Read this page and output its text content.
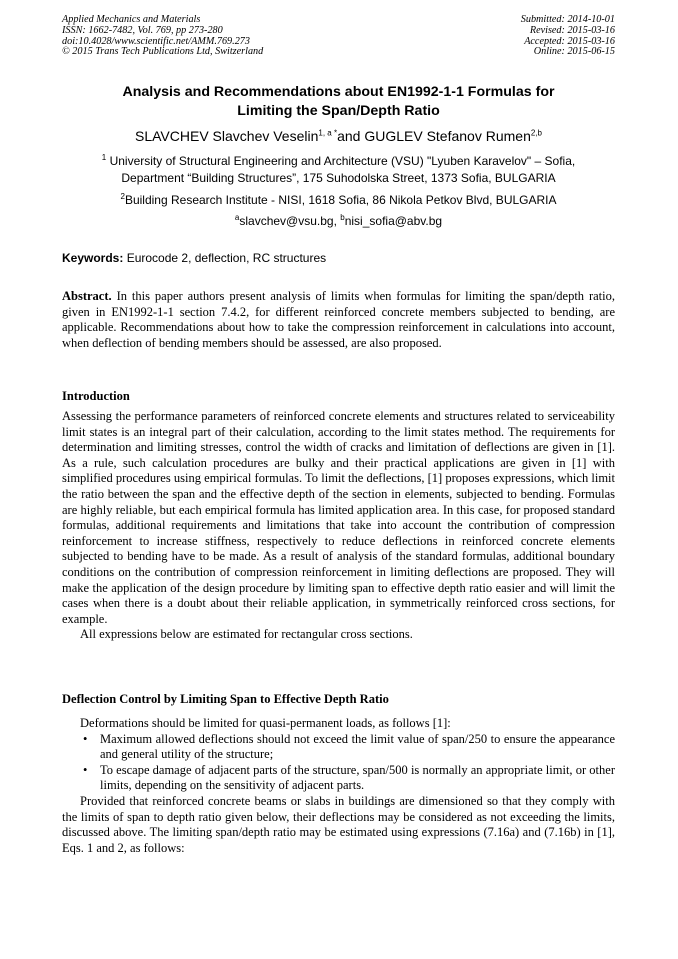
Applied Mechanics and Materials
ISSN: 1662-7482, Vol. 769, pp 273-280
doi:10.4028/www.scientific.net/AMM.769.273
© 2015 Trans Tech Publications Ltd, Switzerland
Submitted: 2014-10-01
Revised: 2015-03-16
Accepted: 2015-03-16
Online: 2015-06-15
Analysis and Recommendations about EN1992-1-1 Formulas for
Limiting the Span/Depth Ratio
SLAVCHEV Slavchev Veselin$^{1, a *}$and GUGLEV Stefanov Rumen$^{2,b}$
$^1$ University of Structural Engineering and Architecture (VSU) "Lyuben Karavelov" – Sofia,
Department “Building Structures”, 175 Suhodolska Street, 1373 Sofia, BULGARIA
$^2$Building Research Institute - NISI, 1618 Sofia, 86 Nikola Petkov Blvd, BULGARIA
$^a$slavchev@vsu.bg, $^b$nisi_sofia@abv.bg
Keywords: Eurocode 2, deflection, RC structures
Abstract. In this paper authors present analysis of limits when formulas for limiting the span/depth ratio, given in EN1992-1-1 section 7.4.2, for different reinforced concrete members subjected to bending, are applicable. Recommendations about how to take the compression reinforcement in calculations into account, when deflection of bending members should be assessed, are also proposed.
Introduction

Assessing the performance parameters of reinforced concrete elements and structures related to serviceability limit states is an integral part of their calculation, according to the limit states method. The requirements for determination and limiting stresses, control the width of cracks and limitation of deflections are given in [1]. As a rule, such calculation procedures are bulky and their practical applications are given in [1] with simplified procedures using empirical formulas. To limit the deflections, [1] proposes expressions, which limit the ratio between the span and the effective depth of the section in elements, subjected to bending. Formulas are highly reliable, but each empirical formula has limited application area. In this case, for proposed standard formulas, additional requirements and limitations that take into account the contribution of compression reinforcement to increase stiffness, respectively to reduce deflections in reinforced concrete elements subjected to bending have to be made. As a result of analysis of the standard formulas, additional boundary conditions on the contribution of compression reinforcement in limiting deflections are proposed. They will make the application of the design procedure by limiting span to effective depth ratio easier and will limit the cases when there is a doubt about their reliable application, in symmetrically reinforced cross sections, for example.

All expressions below are estimated for rectangular cross sections.

Deflection Control by Limiting Span to Effective Depth Ratio

Deformations should be limited for quasi-permanent loads, as follows [1]:

• Maximum allowed deflections should not exceed the limit value of span/250 to ensure the appearance and general utility of the structure;
• To escape damage of adjacent parts of the structure, span/500 is normally an appropriate limit, or other limits, depending on the sensitivity of adjacent parts.

Provided that reinforced concrete beams or slabs in buildings are dimensioned so that they comply with the limits of span to depth ratio given below, their deflections may be considered as not exceeding the limits, discussed above. The limiting span/depth ratio may be estimated using expressions (7.16a) and (7.16b) in [1], Eqs. 1 and 2, as follows:
